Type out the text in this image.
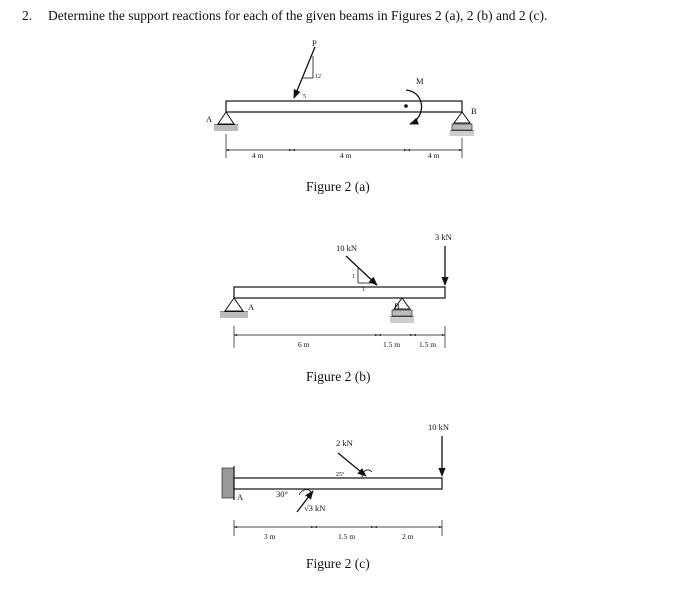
2. Determine the support reactions for each of the given beams in Figures 2 (a), 2 (b) and 2 (c).
P
12
5
M
A
B
4 m	4 m	4 m
Figure 2 (a)
10 kN
1
1
3 kN
A	B
6 m	1.5 m	1.5 m
Figure 2 (b)
A
2 kN
25°
10 kN
√3 kN
30°
3 m	1.5 m	2 m
Figure 2 (c)
